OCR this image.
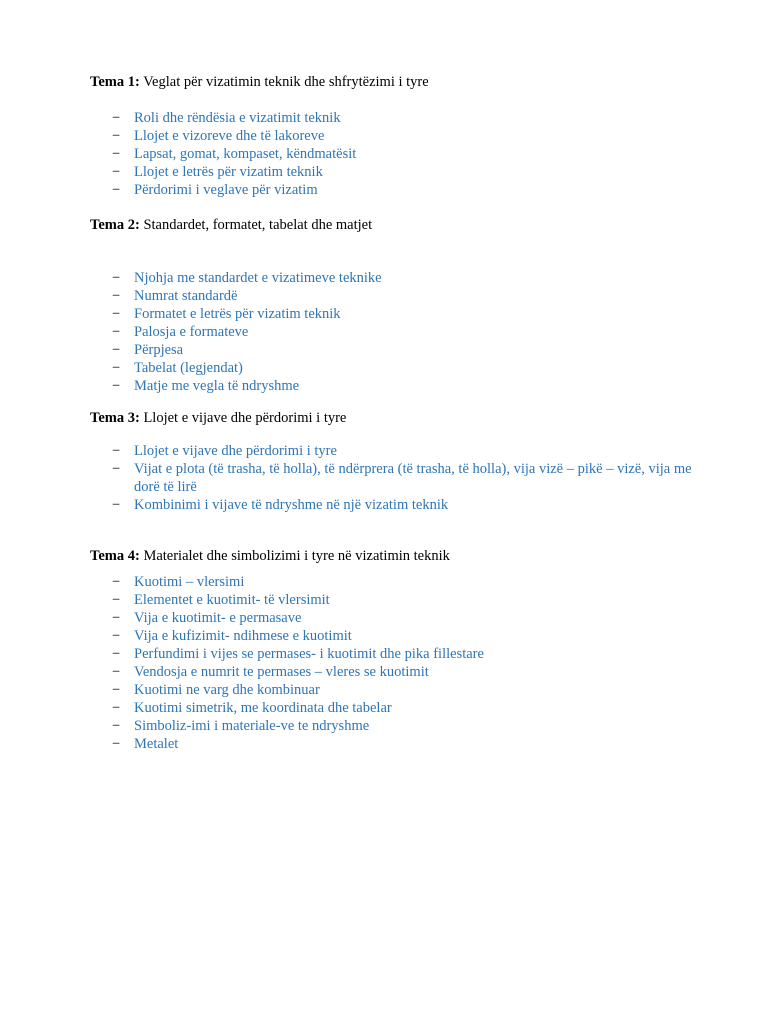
Tema 1: Veglat për vizatimin teknik dhe shfrytëzimi i tyre
− Roli dhe rëndësia e vizatimit teknik
− Llojet e vizoreve dhe të lakoreve
− Lapsat, gomat, kompaset, këndmatësit
− Llojet e letrës për vizatim teknik
− Përdorimi i veglave për vizatim
Tema 2: Standardet, formatet, tabelat dhe matjet
− Njohja me standardet e vizatimeve teknike
− Numrat standardë
− Formatet e letrës për vizatim teknik
− Palosja e formateve
− Përpjesa
− Tabelat (legjendat)
− Matje me vegla të ndryshme
Tema 3: Llojet e vijave dhe përdorimi i tyre
− Llojet e vijave dhe përdorimi i tyre
− Vijat e plota (të trasha, të holla), të ndërprera (të trasha, të holla), vija vizë – pikë – vizë, vija me dorë të lirë
− Kombinimi i vijave të ndryshme në një vizatim teknik
Tema 4: Materialet dhe simbolizimi i tyre në vizatimin teknik
− Kuotimi – vlersimi
− Elementet e kuotimit- të vlersimit
− Vija e kuotimit- e permasave
− Vija e kufizimit- ndihmese e kuotimit
− Perfundimi i vijes se permases- i kuotimit dhe pika fillestare
− Vendosja e numrit te permases – vleres se kuotimit
− Kuotimi ne varg dhe kombinuar
− Kuotimi simetrik, me koordinata dhe tabelar
− Simboliz-imi i materiale-ve te ndryshme
− Metalet
